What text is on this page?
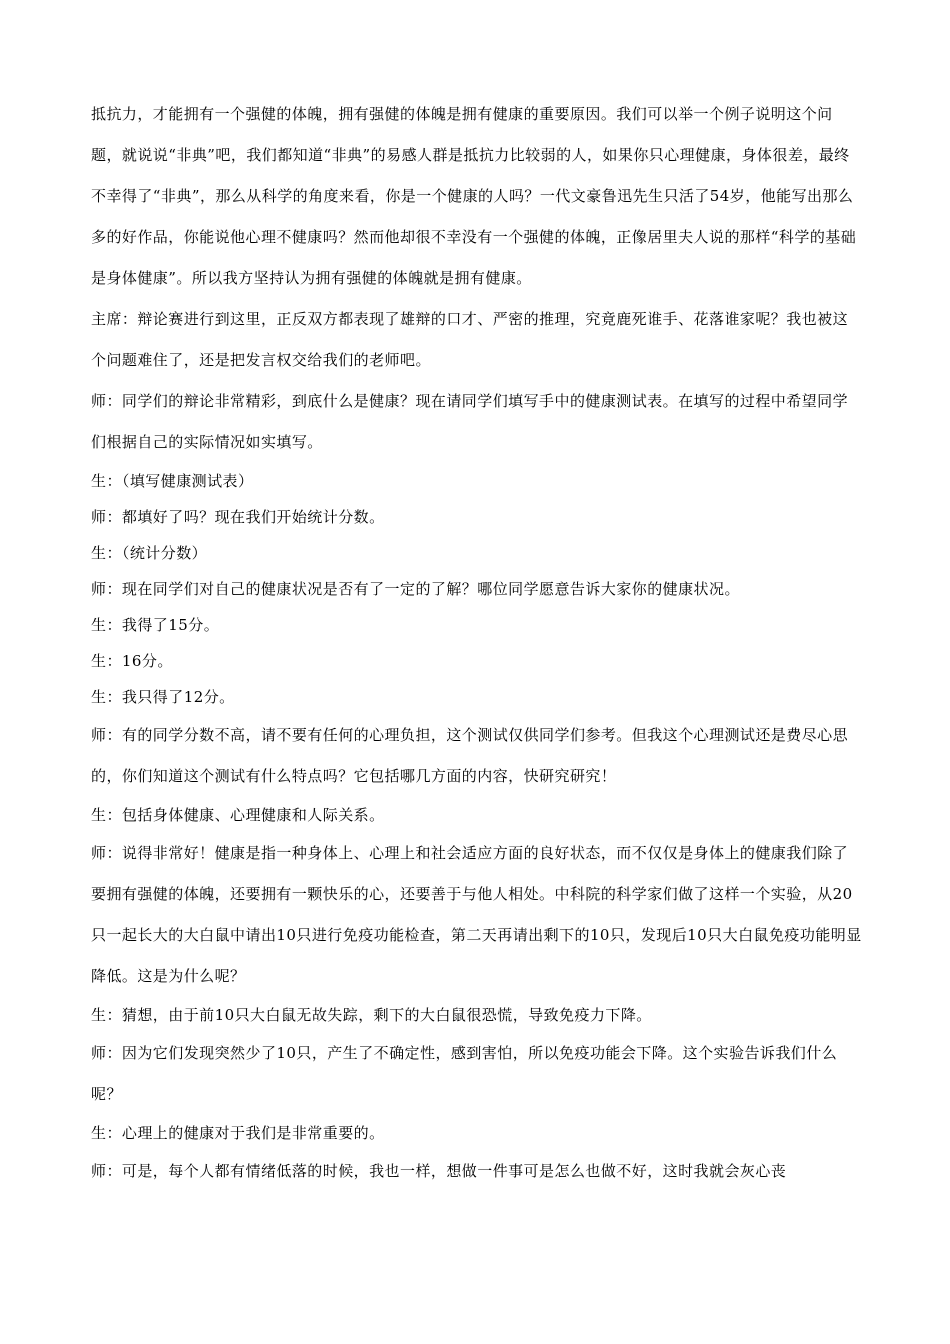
抵抗力，才能拥有一个强健的体魄，拥有强健的体魄是拥有健康的重要原因。我们可以举一个例子说明这个问题，就说说“非典”吧，我们都知道“非典”的易感人群是抵抗力比较弱的人，如果你只心理健康，身体很差，最终不幸得了“非典”，那么从科学的角度来看，你是一个健康的人吗？一代文豪鲁迅先生只活了54岁，他能写出那么多的好作品，你能说他心理不健康吗？然而他却很不幸没有一个强健的体魄，正像居里夫人说的那样“科学的基础是身体健康”。所以我方坚持认为拥有强健的体魄就是拥有健康。

主席：辩论赛进行到这里，正反双方都表现了雄辩的口才、严密的推理，究竟鹿死谁手、花落谁家呢？我也被这个问题难住了，还是把发言权交给我们的老师吧。

师：同学们的辩论非常精彩，到底什么是健康？现在请同学们填写手中的健康测试表。在填写的过程中希望同学们根据自己的实际情况如实填写。

生：（填写健康测试表）

师：都填好了吗？现在我们开始统计分数。

生：（统计分数）

师：现在同学们对自己的健康状况是否有了一定的了解？哪位同学愿意告诉大家你的健康状况。

生：我得了15分。

生：16分。

生：我只得了12分。

师：有的同学分数不高，请不要有任何的心理负担，这个测试仅供同学们参考。但我这个心理测试还是费尽心思的，你们知道这个测试有什么特点吗？它包括哪几方面的内容，快研究研究！

生：包括身体健康、心理健康和人际关系。

师：说得非常好！健康是指一种身体上、心理上和社会适应方面的良好状态，而不仅仅是身体上的健康我们除了要拥有强健的体魄，还要拥有一颗快乐的心，还要善于与他人相处。中科院的科学家们做了这样一个实验，从20只一起长大的大白鼠中请出10只进行免疫功能检查，第二天再请出剩下的10只，发现后10只大白鼠免疫功能明显降低。这是为什么呢？

生：猜想，由于前10只大白鼠无故失踪，剩下的大白鼠很恐慌，导致免疫力下降。

师：因为它们发现突然少了10只，产生了不确定性，感到害怕，所以免疫功能会下降。这个实验告诉我们什么呢？

生：心理上的健康对于我们是非常重要的。

师：可是，每个人都有情绪低落的时候，我也一样，想做一件事可是怎么也做不好，这时我就会灰心丧
